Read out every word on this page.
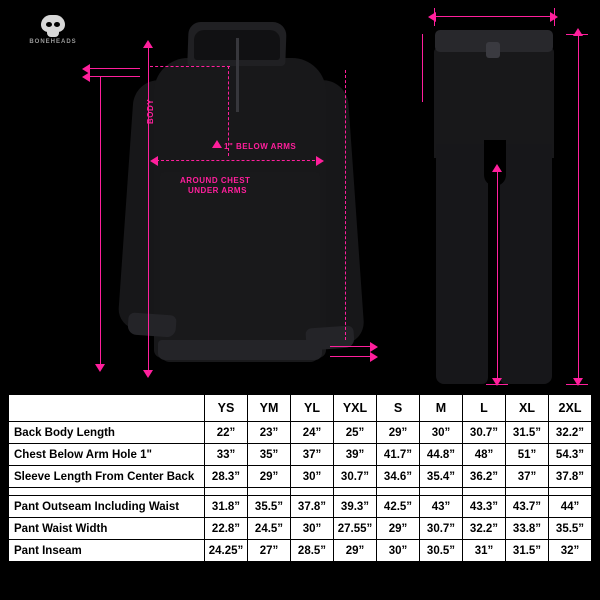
BONEHEADS
BODY
1" BELOW ARMS
AROUND CHEST
UNDER ARMS
	YS	YM	YL	YXL	S	M	L	XL	2XL
Back Body Length	22”	23”	24”	25”	29”	30”	30.7”	31.5”	32.2”
Chest Below Arm Hole 1"	33”	35”	37”	39”	41.7”	44.8”	48”	51”	54.3”
Sleeve Length From Center Back	28.3”	29”	30”	30.7”	34.6”	35.4”	36.2”	37”	37.8”

Pant Outseam Including Waist	31.8”	35.5”	37.8”	39.3”	42.5”	43”	43.3”	43.7”	44”
Pant Waist Width	22.8”	24.5”	30”	27.55”	29”	30.7”	32.2”	33.8”	35.5”
Pant Inseam	24.25”	27”	28.5”	29”	30”	30.5”	31”	31.5”	32”
